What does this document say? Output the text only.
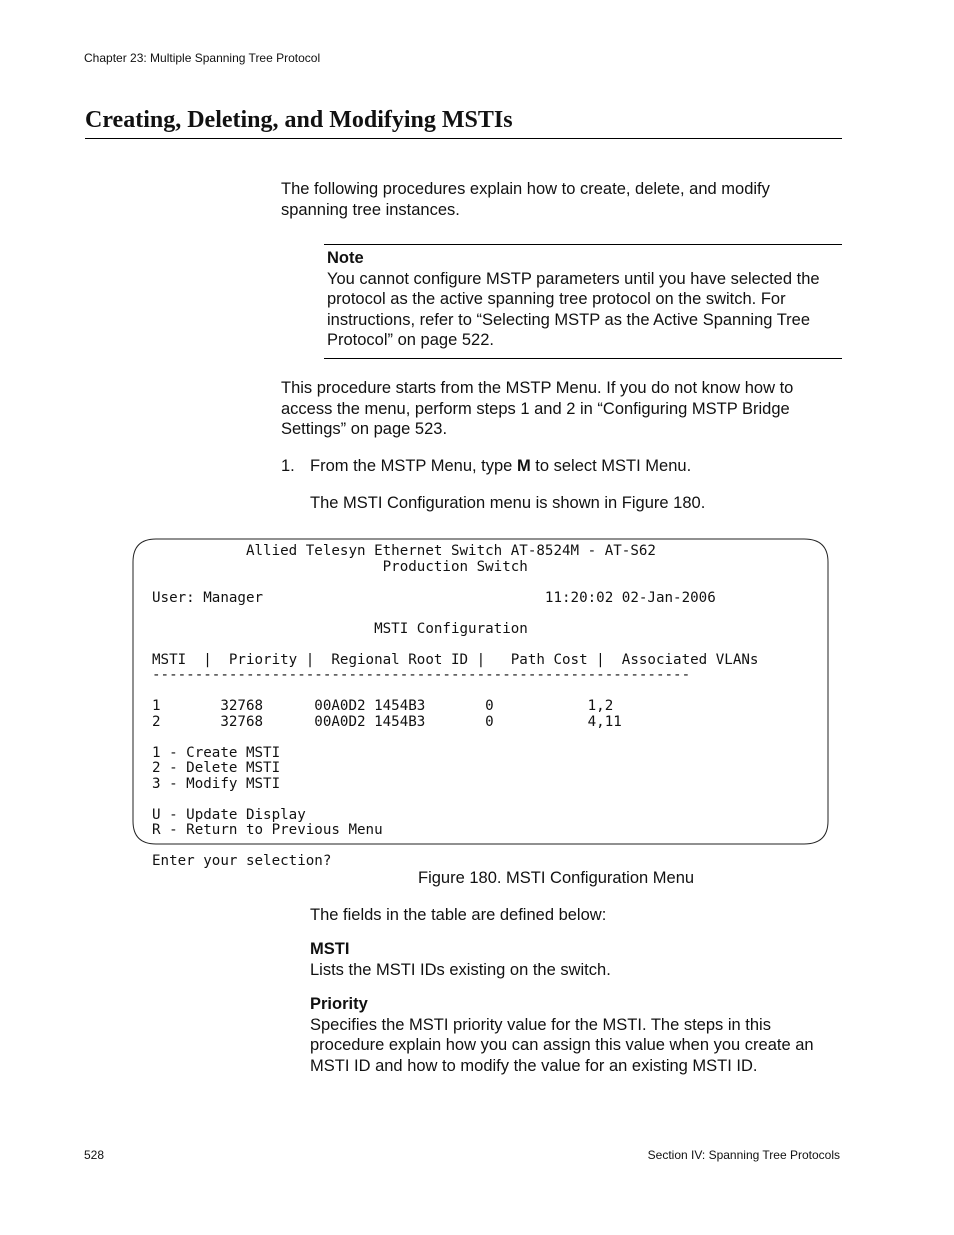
Chapter 23: Multiple Spanning Tree Protocol
Creating, Deleting, and Modifying MSTIs
The following procedures explain how to create, delete, and modify spanning tree instances.
Note
You cannot configure MSTP parameters until you have selected the protocol as the active spanning tree protocol on the switch. For instructions, refer to “Selecting MSTP as the Active Spanning Tree Protocol” on page 522.
This procedure starts from the MSTP Menu. If you do not know how to access the menu, perform steps 1 and 2 in “Configuring MSTP Bridge Settings” on page 523.
1. From the MSTP Menu, type M to select MSTI Menu.
The MSTI Configuration menu is shown in Figure 180.
Allied Telesyn Ethernet Switch AT-8524M - AT-S62
Production Switch

User: Manager                                 11:20:02 02-Jan-2006

MSTI Configuration

MSTI  |  Priority |  Regional Root ID |   Path Cost |  Associated VLANs
---------------------------------------------------------------

1       32768      00A0D2 1454B3       0           1,2
2       32768      00A0D2 1454B3       0           4,11

1 - Create MSTI
2 - Delete MSTI
3 - Modify MSTI

U - Update Display
R - Return to Previous Menu

Enter your selection?
Figure 180. MSTI Configuration Menu
The fields in the table are defined below:
MSTI
Lists the MSTI IDs existing on the switch.
Priority
Specifies the MSTI priority value for the MSTI. The steps in this procedure explain how you can assign this value when you create an MSTI ID and how to modify the value for an existing MSTI ID.
528	Section IV: Spanning Tree Protocols
